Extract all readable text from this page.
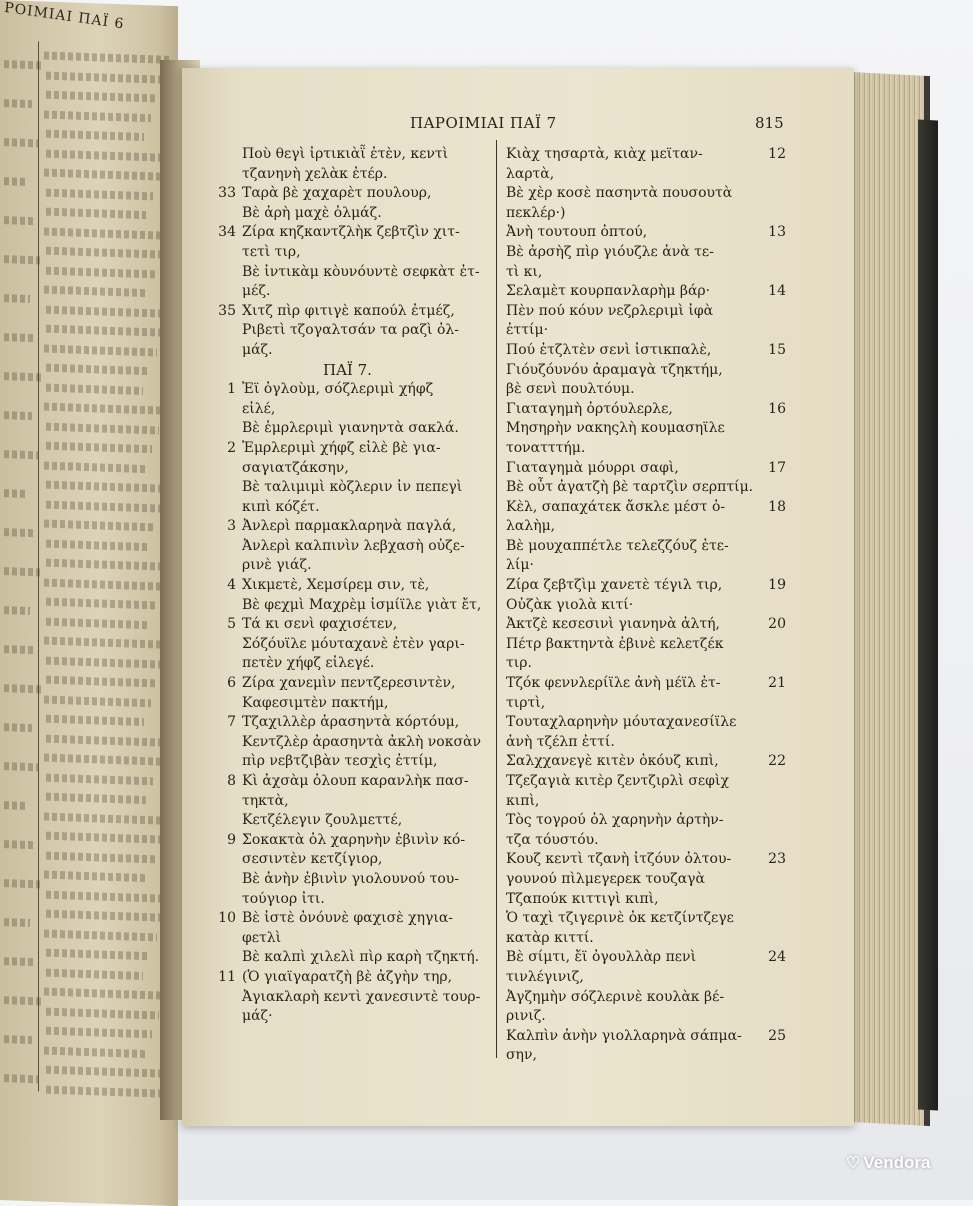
ΡΟΙΜΙΑΙ ΠΑΪ 6
ΠΑΡΟΙΜΙΑΙ ΠΑΪ 7	815
Ποὺ θεγὶ ἰρτικιὰῗ ἐτὲν, κεντὶ
τζανηνὴ χελὰκ ἐτέρ.
33 Ταρὰ βὲ χαχαρὲτ πουλουρ,
Βὲ ἀρὴ μαχὲ ὀλμάζ.
34 Ζίρα κηζκαντζλὴκ ζεβτζὶν χιτ-
τετὶ τιρ,
Βὲ ἰντικὰμ κὸυνόυντὲ σεφκὰτ ἐτ-
μέζ.
35 Χιτζ πὶρ φιτιγὲ καπούλ ἐτμέζ,
Ριβετὶ τζογαλτσάν τα ραζὶ ὀλ-
μάζ.
ΠΑΪ 7.
1 Ἐϊ ὀγλοὺμ, σόζλεριμὶ χήφζ
εἰλέ,
Βὲ ἐμρλεριμὶ γιανηντὰ σακλά.
2 Ἐμρλεριμὶ χήφζ εἰλὲ βὲ για-
σαγιατζάκσην,
Βὲ ταλιμιμὶ κὸζλεριν ἰν πεπεγὶ
κιπὶ κόζέτ.
3 Ἀνλερὶ παρμακλαρηνὰ παγλά,
Ἀνλερὶ καλπινὶν λεβχασὴ οὐζε-
ρινὲ γιάζ.
4 Χικμετὲ, Χεμσίρεμ σιν, τὲ,
Βὲ φεχμὶ Μαχρὲμ ἰσμίϊλε γιὰτ ἔτ,
5 Τά κι σενὶ φαχισέτεν,
Σόζόυϊλε μόυταχανὲ ἐτὲν γαρι-
πετὲν χήφζ εἰλεγέ.
6 Ζίρα χανεμὶν πεντζερεσιντὲν,
Καφεσιμτὲν πακτήμ,
7 Τζαχιλλὲρ ἀρασηντὰ κόρτόυμ,
Κεντζλὲρ ἀρασηντὰ ἀκλὴ νοκσὰν
πὶρ νεβτζιβὰν τεσχὶς ἐττίμ,
8 Κὶ ἀχσὰμ ὀλουπ καρανλὴκ πασ-
τηκτὰ,
Κετζέλεγιν ζουλμεττέ,
9 Σοκακτὰ ὀλ χαρηνὴν ἐβινὶν κό-
σεσιντὲν κετζίγιορ,
Βὲ ἀνὴν ἐβινὶν γιολουνού του-
τούγιορ ἰτι.
10 Βὲ ἰστὲ ὀνόυνὲ φαχισὲ χηγια-
φετλὶ
Βὲ καλπὶ χιλελὶ πὶρ καρὴ τζηκτή.
11 (Ὁ γιαϊγαρατζὴ βὲ ἀζγὴν τηρ,
Ἀγιακλαρὴ κεντὶ χανεσιντὲ τουρ-
μάζ·
12
Κιὰχ τησαρτὰ, κιὰχ μεϊταν-
λαρτὰ,
Βὲ χὲρ κοσὲ πασηντὰ πουσουτὰ
πεκλέρ·)
13
Ἀνὴ τουτουπ ὀπτού,
Βὲ ἀρσὴζ πὶρ γιόυζλε ἀνὰ τε-
τὶ κι,
14
Σελαμὲτ κουρπανλαρὴμ βάρ·
Πὲν πού κόυν νεζρλεριμὶ ἰφὰ
ἐττίμ·
15
Πού ἐτζλτὲν σενὶ ἰστικπαλὲ,
Γιόυζόυνόυ ἀραμαγὰ τζηκτήμ,
βὲ σενὶ πουλτόυμ.
16
Γιαταγημὴ ὀρτόυλερλε,
Μησηρὴν νακηςλὴ κουμασηϊλε
τονατττήμ.
17
Γιαταγημὰ μόυρρι σαφὶ,
Βὲ οὖτ ἀγατζὴ βὲ ταρτζὶν σερπτίμ.
18
Κὲλ, σαπαχάτεκ ἄσκλε μέστ ὀ-
λαλὴμ,
Βὲ μουχαππέτλε τελεζζόυζ ἐτε-
λίμ·
19
Ζίρα ζεβτζὶμ χανετὲ τέγιλ τιρ,
Οὐζὰκ γιολὰ κιτί·
20
Ἀκτζὲ κεσεσινὶ γιανηνὰ ἀλτή,
Πέτρ βακτηντὰ ἐβινὲ κελετζέκ
τιρ.
21
Τζόκ φεννλερίϊλε ἀνὴ μέϊλ ἐτ-
τιρτὶ,
Τουταχλαρηνὴν μόυταχανεσίϊλε
ἀνὴ τζέλπ ἐττί.
22
Σαλχχανεγὲ κιτὲν ὀκόυζ κιπὶ,
Τζεζαγιὰ κιτὲρ ζεντζιρλὶ σεφὶχ
κιπὶ,
Τὸς τογρού ὀλ χαρηνὴν ἀρτὴν-
τζα τόυστόυ.
23
Κουζ κεντὶ τζανὴ ἰτζόυν ὀλτου-
γουνού πὶλμεγερεκ τουζαγὰ
Τζαπούκ κιττιγὶ κιπὶ,
Ὁ ταχὶ τζιγερινὲ ὀκ κετζίντζεγε
κατὰρ κιττί.
24
Βὲ σίμτι, ἔϊ ὀγουλλὰρ πενὶ
τινλέγινιζ,
Ἀγζημὴν σόζλερινὲ κουλὰκ βέ-
ρινιζ.
25
Καλπὶν ἀνὴν γιολλαρηνὰ σάπμα-
σην,
♡ Vendora
